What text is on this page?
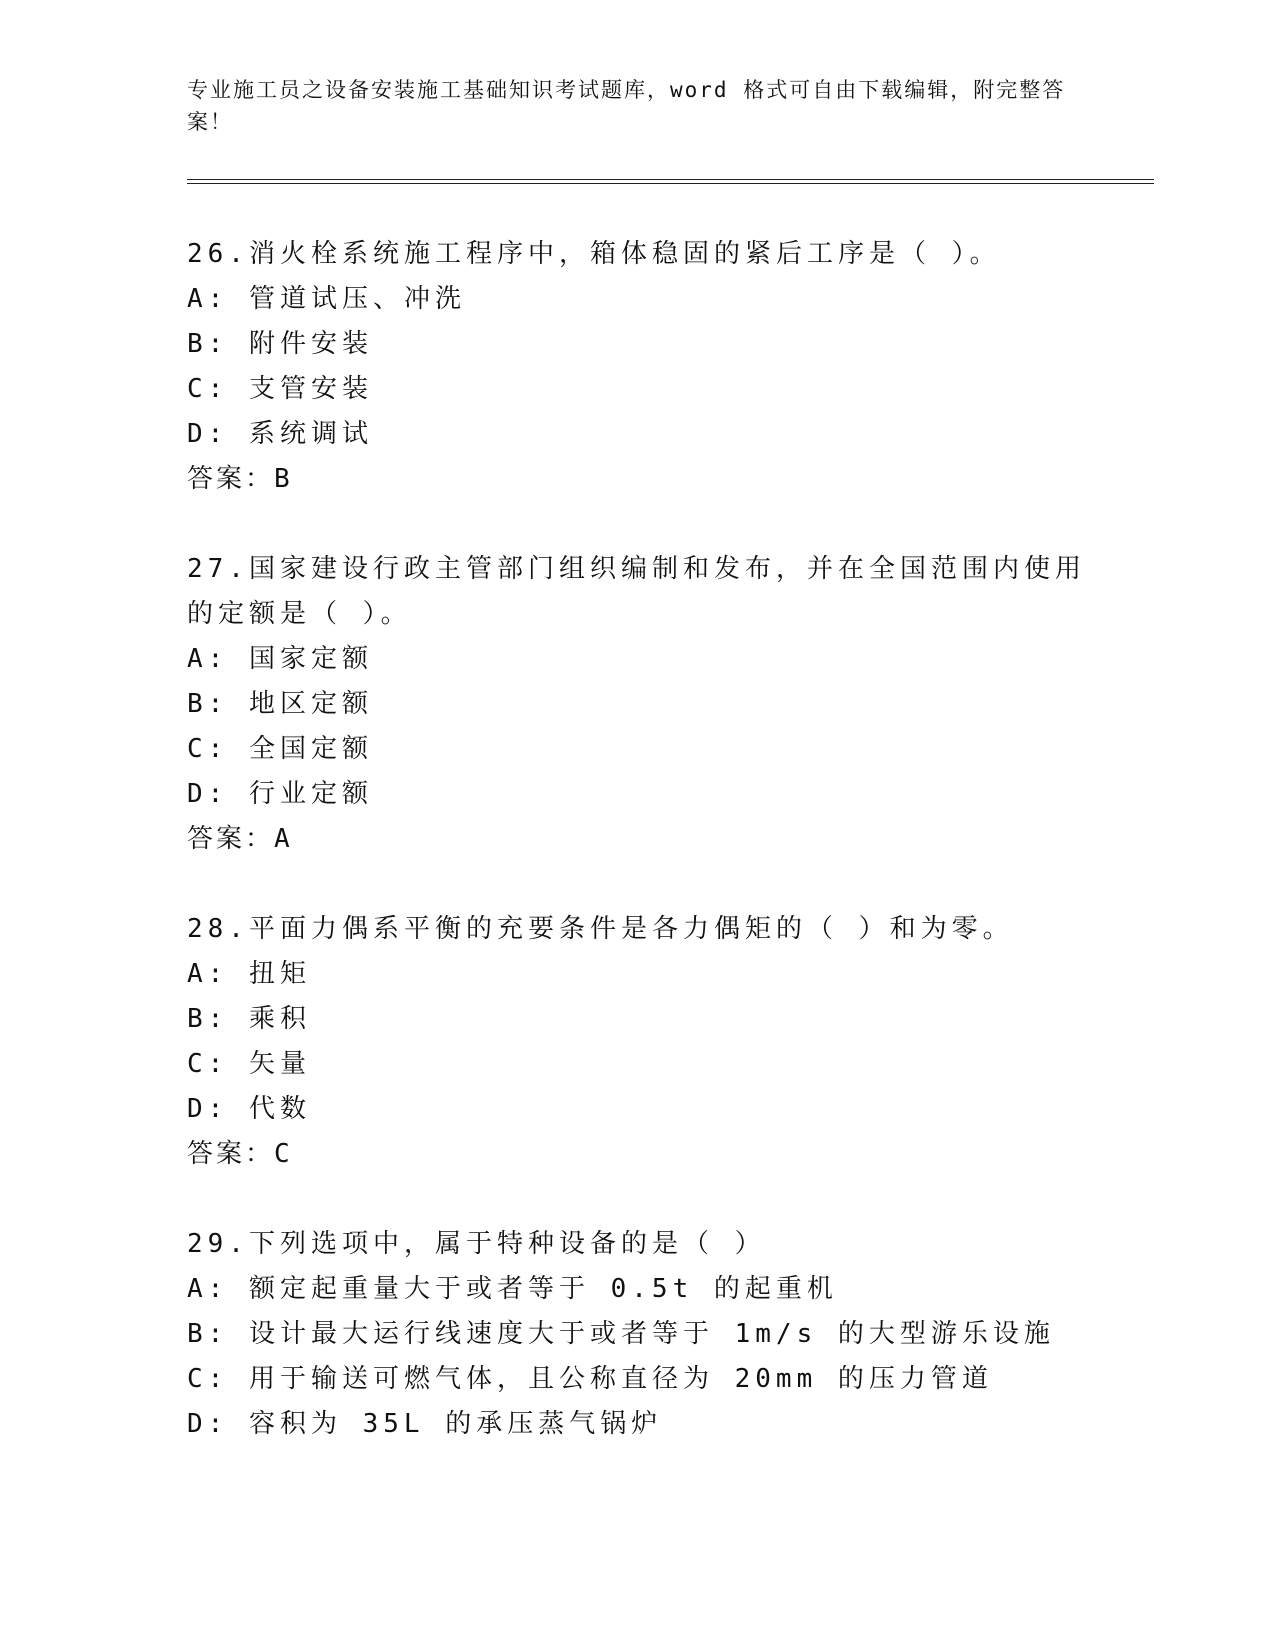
专业施工员之设备安装施工基础知识考试题库，word 格式可自由下载编辑，附完整答案！
26.消火栓系统施工程序中，箱体稳固的紧后工序是（ ）。
A: 管道试压、冲洗
B: 附件安装
C: 支管安装
D: 系统调试
答案：B
27.国家建设行政主管部门组织编制和发布，并在全国范围内使用的定额是（ ）。
A: 国家定额
B: 地区定额
C: 全国定额
D: 行业定额
答案：A
28.平面力偶系平衡的充要条件是各力偶矩的（ ）和为零。
A: 扭矩
B: 乘积
C: 矢量
D: 代数
答案：C
29.下列选项中，属于特种设备的是（ ）
A: 额定起重量大于或者等于 0.5t 的起重机
B: 设计最大运行线速度大于或者等于 1m/s 的大型游乐设施
C: 用于输送可燃气体，且公称直径为 20mm 的压力管道
D: 容积为 35L 的承压蒸气锅炉
